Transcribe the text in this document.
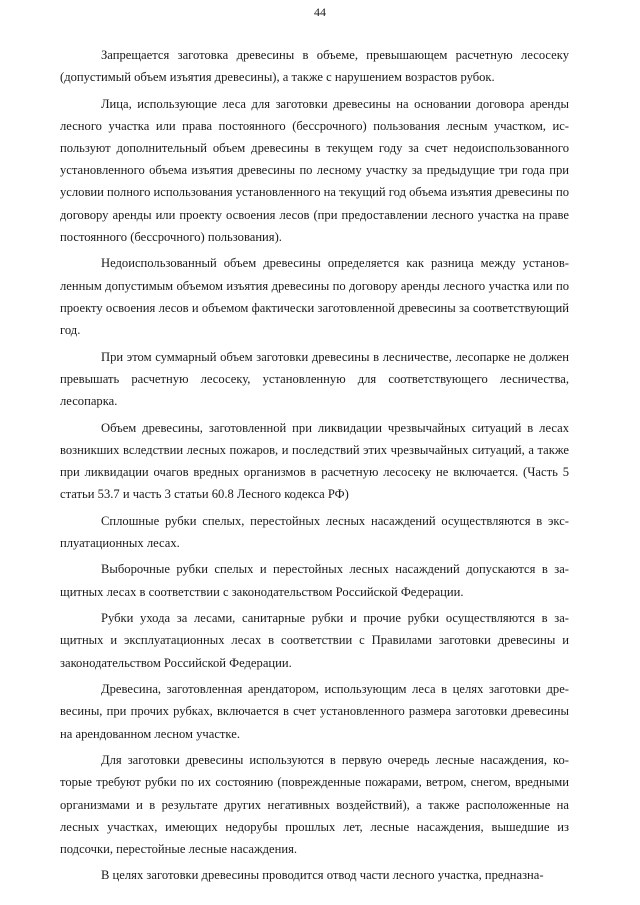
44

Запрещается заготовка древесины в объеме, превышающем расчетную лесосеку (допустимый объем изъятия древесины), а также с нарушением возрастов рубок.

Лица, использующие леса для заготовки древесины на основании договора аренды лесного участка или права постоянного (бессрочного) пользования лесным участком, используют дополнительный объем древесины в текущем году за счет недоиспользованного установленного объема изъятия древесины по лесному участку за предыдущие три года при условии полного использования установленного на текущий год объема изъятия древесины по договору аренды или проекту освоения лесов (при предоставлении лесного участка на праве постоянного (бессрочного) пользования).

Недоиспользованный объем древесины определяется как разница между установленным допустимым объемом изъятия древесины по договору аренды лесного участка или по проекту освоения лесов и объемом фактически заготовленной древесины за соответствующий год.

При этом суммарный объем заготовки древесины в лесничестве, лесопарке не должен превышать расчетную лесосеку, установленную для соответствующего лесничества, лесопарка.

Объем древесины, заготовленной при ликвидации чрезвычайных ситуаций в лесах возникших вследствии лесных пожаров, и последствий этих чрезвычайных ситуаций, а также при ликвидации очагов вредных организмов в расчетную лесосеку не включается. (Часть 5 статьи 53.7 и часть 3 статьи 60.8 Лесного кодекса РФ)

Сплошные рубки спелых, перестойных лесных насаждений осуществляются в эксплуатационных лесах.

Выборочные рубки спелых и перестойных лесных насаждений допускаются в защитных лесах в соответствии с законодательством Российской Федерации.

Рубки ухода за лесами, санитарные рубки и прочие рубки осуществляются в защитных и эксплуатационных лесах в соответствии с Правилами заготовки древесины и законодательством Российской Федерации.

Древесина, заготовленная арендатором, использующим леса в целях заготовки древесины, при прочих рубках, включается в счет установленного размера заготовки древесины на арендованном лесном участке.

Для заготовки древесины используются в первую очередь лесные насаждения, которые требуют рубки по их состоянию (поврежденные пожарами, ветром, снегом, вредными организмами и в результате других негативных воздействий), а также расположенные на лесных участках, имеющих недорубы прошлых лет, лесные насаждения, вышедшие из подсочки, перестойные лесные насаждения.

В целях заготовки древесины проводится отвод части лесного участка, предназна-
